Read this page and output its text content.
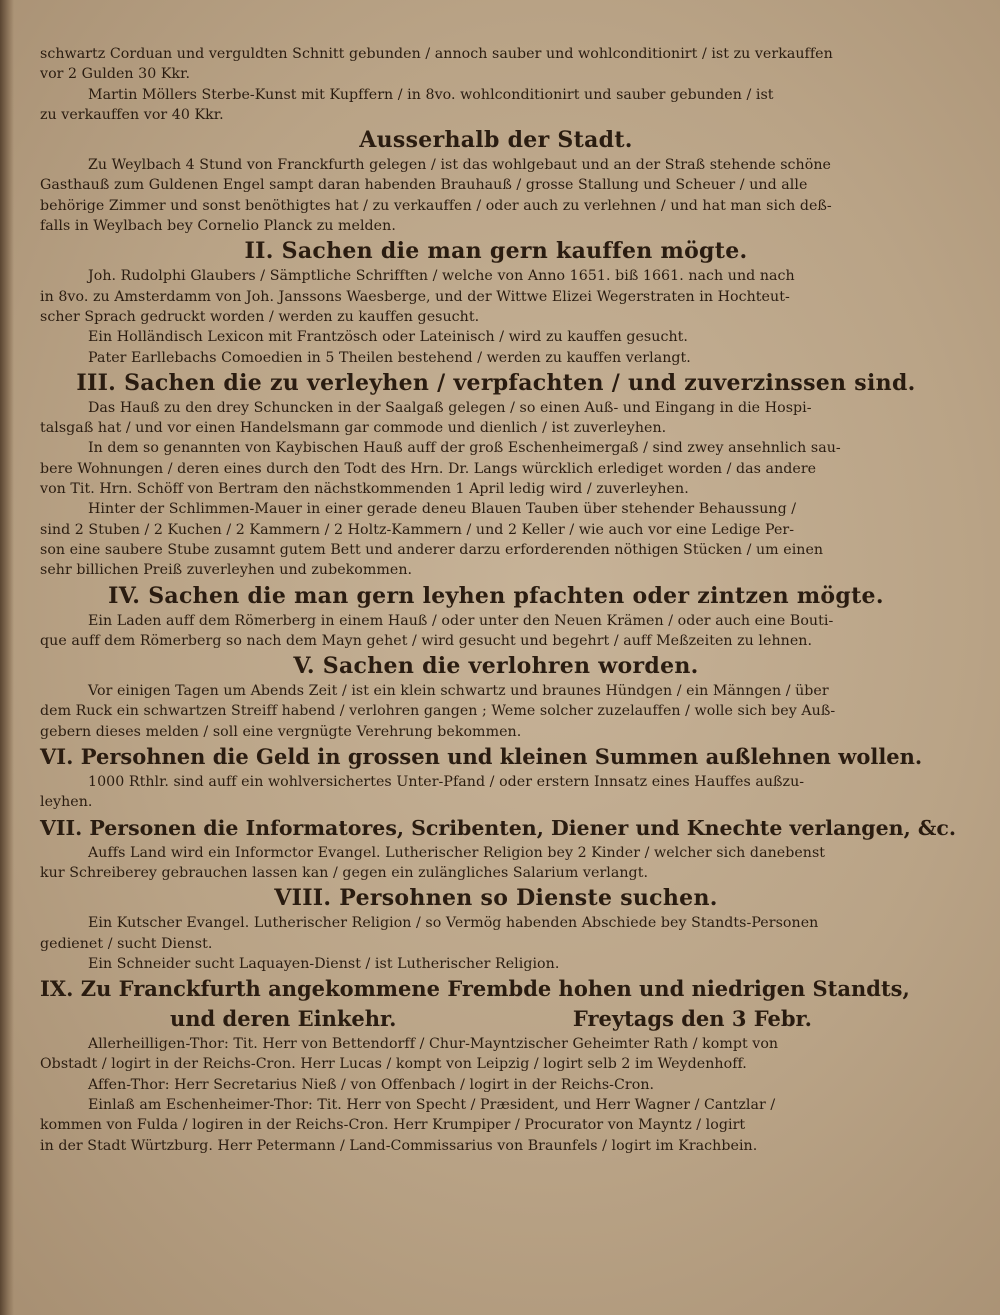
schwartz Corduan und verguldten Schnitt gebunden / annoch sauber und wohlconditionirt / ist zu verkauffen
vor 2 Gulden 30 Kkr.
Martin Möllers Sterbe-Kunst mit Kupffern / in 8vo. wohlconditionirt und sauber gebunden / ist
zu verkauffen vor 40 Kkr.
Ausserhalb der Stadt.
Zu Weylbach 4 Stund von Franckfurth gelegen / ist das wohlgebaut und an der Straß stehende schöne
Gasthauß zum Guldenen Engel sampt daran habenden Brauhauß / grosse Stallung und Scheuer / und alle
behörige Zimmer und sonst benöthigtes hat / zu verkauffen / oder auch zu verlehnen / und hat man sich deß-
falls in Weylbach bey Cornelio Planck zu melden.
II. Sachen die man gern kauffen mögte.
Joh. Rudolphi Glaubers / Sämptliche Schrifften / welche von Anno 1651. biß 1661. nach und nach
in 8vo. zu Amsterdamm von Joh. Janssons Waesberge, und der Wittwe Elizei Wegerstraten in Hochteut-
scher Sprach gedruckt worden / werden zu kauffen gesucht.
Ein Holländisch Lexicon mit Frantzösch oder Lateinisch / wird zu kauffen gesucht.
Pater Earllebachs Comoedien in 5 Theilen bestehend / werden zu kauffen verlangt.
III. Sachen die zu verleyhen / verpfachten / und zuverzinssen sind.
Das Hauß zu den drey Schuncken in der Saalgaß gelegen / so einen Auß- und Eingang in die Hospi-
talsgaß hat / und vor einen Handelsmann gar commode und dienlich / ist zuverleyhen.
In dem so genannten von Kaybischen Hauß auff der groß Eschenheimergaß / sind zwey ansehnlich sau-
bere Wohnungen / deren eines durch den Todt des Hrn. Dr. Langs würcklich erlediget worden / das andere
von Tit. Hrn. Schöff von Bertram den nächstkommenden 1 April ledig wird / zuverleyhen.
Hinter der Schlimmen-Mauer in einer gerade deneu Blauen Tauben über stehender Behaussung /
sind 2 Stuben / 2 Kuchen / 2 Kammern / 2 Holtz-Kammern / und 2 Keller / wie auch vor eine Ledige Per-
son eine saubere Stube zusamnt gutem Bett und anderer darzu erforderenden nöthigen Stücken / um einen
sehr billichen Preiß zuverleyhen und zubekommen.
IV. Sachen die man gern leyhen pfachten oder zintzen mögte.
Ein Laden auff dem Römerberg in einem Hauß / oder unter den Neuen Krämen / oder auch eine Bouti-
que auff dem Römerberg so nach dem Mayn gehet / wird gesucht und begehrt / auff Meßzeiten zu lehnen.
V. Sachen die verlohren worden.
Vor einigen Tagen um Abends Zeit / ist ein klein schwartz und braunes Hündgen / ein Männgen / über
dem Ruck ein schwartzen Streiff habend / verlohren gangen ; Weme solcher zuzelauffen / wolle sich bey Auß-
gebern dieses melden / soll eine vergnügte Verehrung bekommen.
VI. Persohnen die Geld in grossen und kleinen Summen außlehnen wollen.
1000 Rthlr. sind auff ein wohlversichertes Unter-Pfand / oder erstern Innsatz eines Hauffes außzu-
leyhen.
VII. Personen die Informatores, Scribenten, Diener und Knechte verlangen, &c.
Auffs Land wird ein Informctor Evangel. Lutherischer Religion bey 2 Kinder / welcher sich danebenst
kur Schreiberey gebrauchen lassen kan / gegen ein zulängliches Salarium verlangt.
VIII. Persohnen so Dienste suchen.
Ein Kutscher Evangel. Lutherischer Religion / so Vermög habenden Abschiede bey Standts-Personen
gedienet / sucht Dienst.
Ein Schneider sucht Laquayen-Dienst / ist Lutherischer Religion.
IX. Zu Franckfurth angekommene Frembde hohen und niedrigen Standts,
und deren Einkehr.	Freytags den 3 Febr.
Allerheilligen-Thor: Tit. Herr von Bettendorff / Chur-Mayntzischer Geheimter Rath / kompt von
Obstadt / logirt in der Reichs-Cron. Herr Lucas / kompt von Leipzig / logirt selb 2 im Weydenhoff.
Affen-Thor: Herr Secretarius Nieß / von Offenbach / logirt in der Reichs-Cron.
Einlaß am Eschenheimer-Thor: Tit. Herr von Specht / Præsident, und Herr Wagner / Cantzlar /
kommen von Fulda / logiren in der Reichs-Cron. Herr Krumpiper / Procurator von Mayntz / logirt
in der Stadt Würtzburg. Herr Petermann / Land-Commissarius von Braunfels / logirt im Krachbein.
